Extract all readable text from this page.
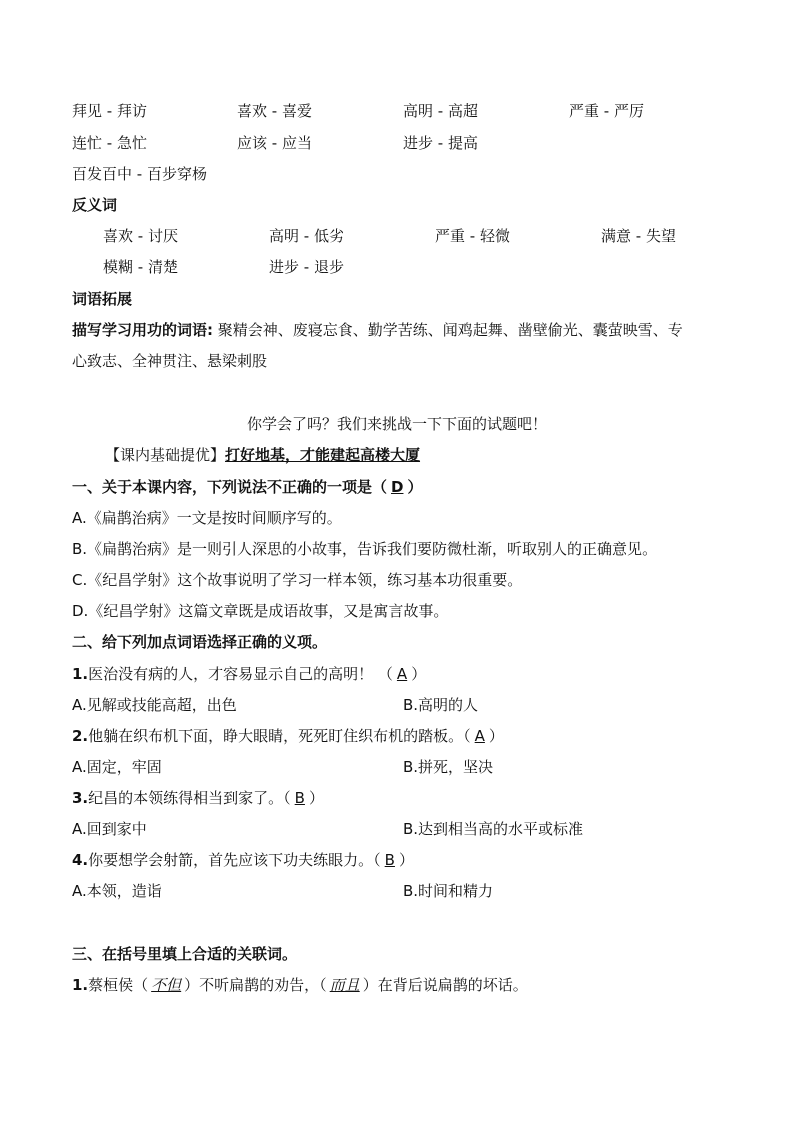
拜见 - 拜访	喜欢 - 喜爱	高明 - 高超	严重 - 严厉
连忙 - 急忙	应该 - 应当	进步 - 提高
百发百中 - 百步穿杨
反义词
喜欢 - 讨厌	高明 - 低劣	严重 - 轻微	满意 - 失望
模糊 - 清楚	进步 - 退步
词语拓展
描写学习用功的词语: 聚精会神、废寝忘食、勤学苦练、闻鸡起舞、凿壁偷光、囊萤映雪、专
心致志、全神贯注、悬梁刺股
你学会了吗？我们来挑战一下下面的试题吧！
【课内基础提优】打好地基，才能建起高楼大厦
一、关于本课内容，下列说法不正确的一项是（ D ）
A.《扁鹊治病》一文是按时间顺序写的。
B.《扁鹊治病》是一则引人深思的小故事，告诉我们要防微杜渐，听取别人的正确意见。
C.《纪昌学射》这个故事说明了学习一样本领，练习基本功很重要。
D.《纪昌学射》这篇文章既是成语故事，又是寓言故事。
二、给下列加点词语选择正确的义项。
1.医治没有病的人，才容易显示自己的高明！ （ A ）
A.见解或技能高超，出色	B.高明的人
2.他躺在织布机下面，睁大眼睛，死死盯住织布机的踏板。（ A ）
A.固定，牢固	B.拼死，坚决
3.纪昌的本领练得相当到家了。（ B ）
A.回到家中	B.达到相当高的水平或标准
4.你要想学会射箭，首先应该下功夫练眼力。（ B ）
A.本领，造诣	B.时间和精力
三、在括号里填上合适的关联词。
1.蔡桓侯（ 不但 ）不听扁鹊的劝告，（ 而且 ）在背后说扁鹊的坏话。
